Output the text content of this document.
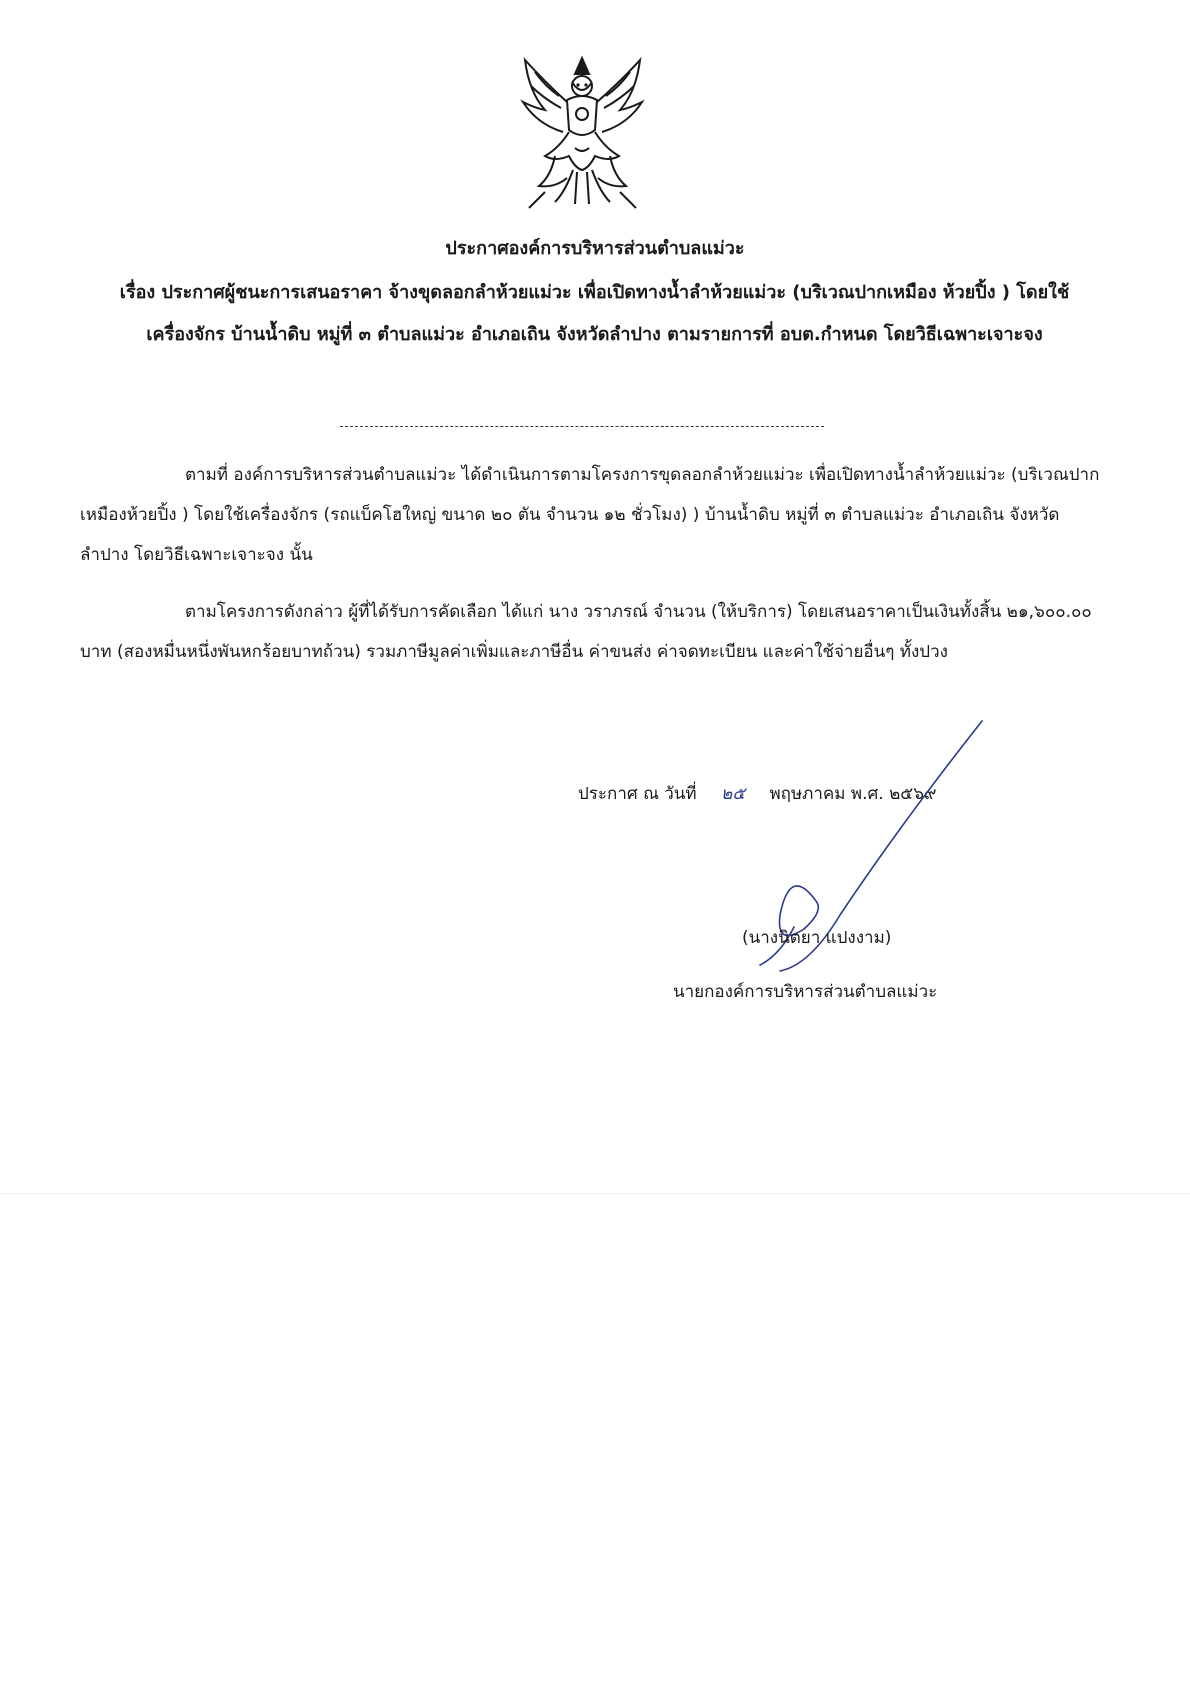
ประกาศองค์การบริหารส่วนตำบลแม่วะ
เรื่อง ประกาศผู้ชนะการเสนอราคา จ้างขุดลอกลำห้วยแม่วะ เพื่อเปิดทางน้ำลำห้วยแม่วะ (บริเวณปากเหมือง ห้วยปิ้ง ) โดยใช้เครื่องจักร บ้านน้ำดิบ หมู่ที่ ๓ ตำบลแม่วะ อำเภอเถิน จังหวัดลำปาง ตามรายการที่ อบต.กำหนด โดยวิธีเฉพาะเจาะจง
ตามที่ องค์การบริหารส่วนตำบลแม่วะ ได้ดำเนินการตามโครงการขุดลอกลำห้วยแม่วะ เพื่อเปิดทางน้ำลำห้วยแม่วะ (บริเวณปากเหมืองห้วยปิ้ง ) โดยใช้เครื่องจักร (รถแบ็คโฮใหญ่ ขนาด ๒๐ ตัน จำนวน ๑๒ ชั่วโมง) ) บ้านน้ำดิบ หมู่ที่ ๓ ตำบลแม่วะ อำเภอเถิน จังหวัดลำปาง โดยวิธีเฉพาะเจาะจง นั้น
ตามโครงการดังกล่าว ผู้ที่ได้รับการคัดเลือก ได้แก่ นาง วราภรณ์ จำนวน (ให้บริการ) โดยเสนอราคาเป็นเงินทั้งสิ้น ๒๑,๖๐๐.๐๐ บาท (สองหมื่นหนึ่งพันหกร้อยบาทถ้วน) รวมภาษีมูลค่าเพิ่มและภาษีอื่น ค่าขนส่ง ค่าจดทะเบียน และค่าใช้จ่ายอื่นๆ ทั้งปวง
ประกาศ ณ วันที่ ๒๕ พฤษภาคม พ.ศ. ๒๕๖๙
(นางนิตยา แปงงาม)
นายกองค์การบริหารส่วนตำบลแม่วะ
